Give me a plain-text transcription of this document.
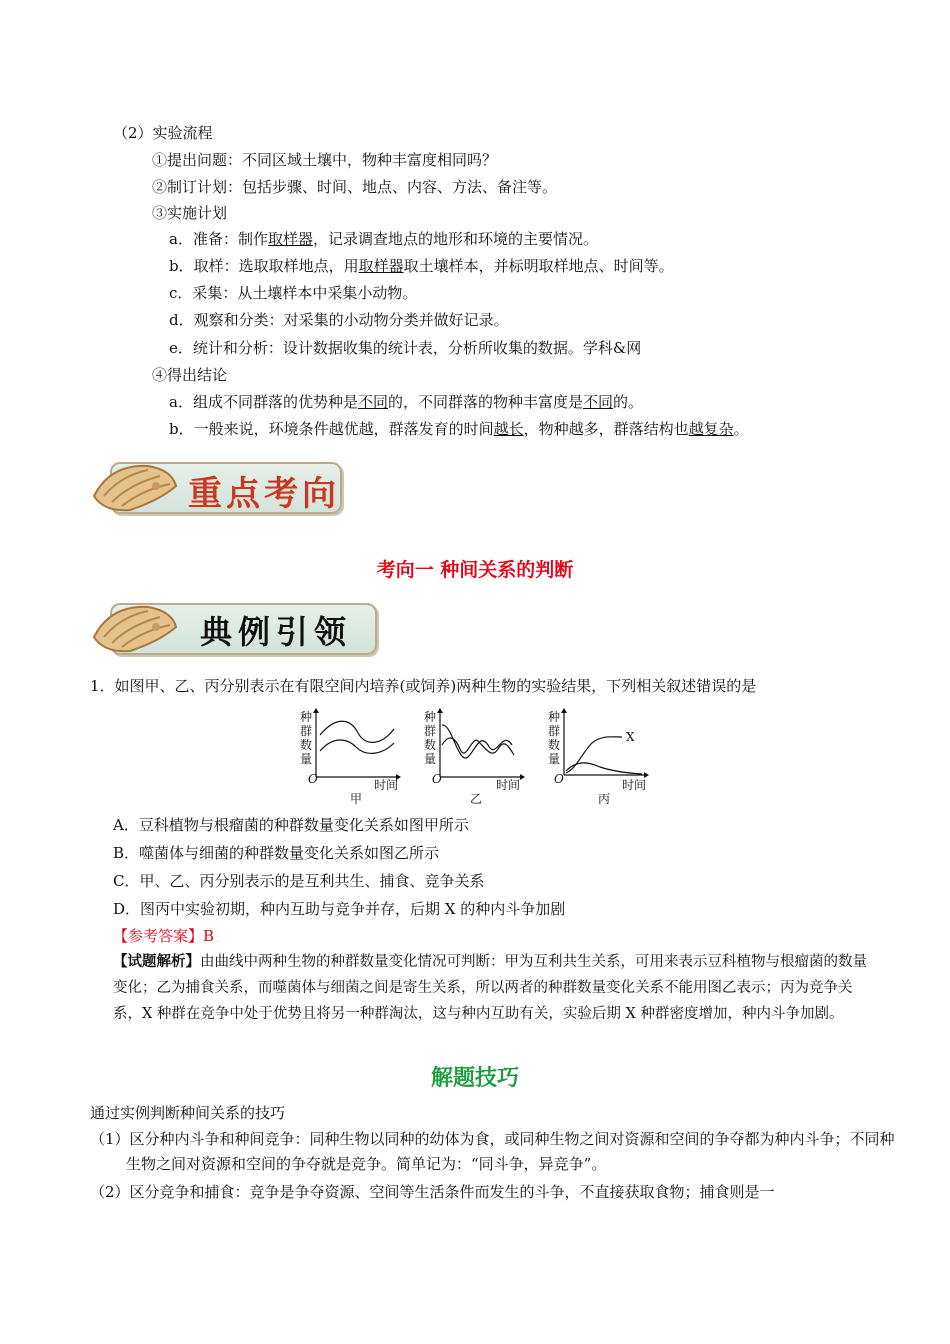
（2）实验流程
①提出问题：不同区域土壤中，物种丰富度相同吗？
②制订计划：包括步骤、时间、地点、内容、方法、备注等。
③实施计划
a．准备：制作取样器，记录调查地点的地形和环境的主要情况。
b．取样：选取取样地点，用取样器取土壤样本，并标明取样地点、时间等。
c．采集：从土壤样本中采集小动物。
d．观察和分类：对采集的小动物分类并做好记录。
e．统计和分析：设计数据收集的统计表，分析所收集的数据。学科&网
④得出结论
a．组成不同群落的优势种是不同的，不同群落的物种丰富度是不同的。
b．一般来说，环境条件越优越，群落发育的时间越长，物种越多，群落结构也越复杂。
重点考向
考向一 种间关系的判断
典例引领
1．如图甲、乙、丙分别表示在有限空间内培养(或饲养)两种生物的实验结果，下列相关叙述错误的是
种
群
数
量
O	时间
甲
种
群
数
量
O	时间
乙
种
群
数
量
O	时间
丙
X
A．豆科植物与根瘤菌的种群数量变化关系如图甲所示
B．噬菌体与细菌的种群数量变化关系如图乙所示
C．甲、乙、丙分别表示的是互利共生、捕食、竞争关系
D．图丙中实验初期，种内互助与竞争并存，后期 X 的种内斗争加剧
【参考答案】B
【试题解析】由曲线中两种生物的种群数量变化情况可判断：甲为互利共生关系，可用来表示豆科植物与根瘤菌的数量变化；乙为捕食关系，而噬菌体与细菌之间是寄生关系，所以两者的种群数量变化关系不能用图乙表示；丙为竞争关系，X 种群在竞争中处于优势且将另一种群淘汰，这与种内互助有关，实验后期 X 种群密度增加，种内斗争加剧。
解题技巧
通过实例判断种间关系的技巧
（1）区分种内斗争和种间竞争：同种生物以同种的幼体为食，或同种生物之间对资源和空间的争夺都为种内斗争；不同种生物之间对资源和空间的争夺就是竞争。简单记为：“同斗争，异竞争”。
（2）区分竞争和捕食：竞争是争夺资源、空间等生活条件而发生的斗争，不直接获取食物；捕食则是一
